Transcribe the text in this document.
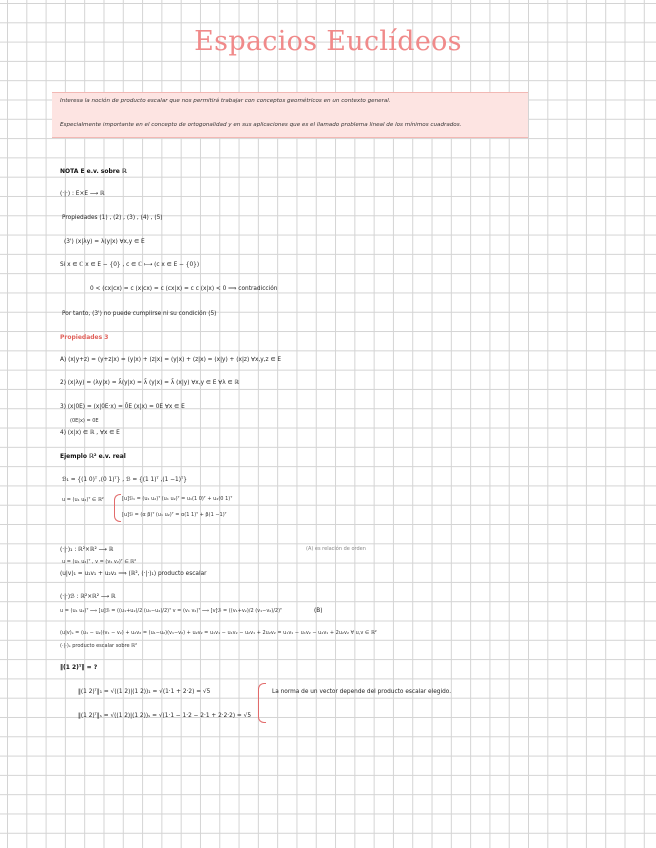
Espacios Euclídeos
Interesa la noción de producto escalar que nos permitirá trabajar con conceptos geométricos en un contexto general.
Especialmente importante en el concepto de ortogonalidad y en sus aplicaciones que es el llamado problema lineal de los mínimos cuadrados.
NOTA E e.v. sobre ℝ
(·|·) : E×E ⟶ ℝ
Propiedades (1) , (2) , (3) , (4) , (5)
(3') (x|λy) = λ(y|x) ∀x,y ∈ E
Si x ∈ ℂ x ∈ E − {0} , c ∈ ℂ ⟼ (c x ∈ E − {0})
0 < (cx|cx) = c (x|cx) = c (cx|x) = c c (x|x) < 0 ⟹ contradicción
Por tanto, (3') no puede cumplirse ni su condición (5)
Propiedades 3
A) (x|y+z) = (y+z|x) = (y|x) + (z|x) = (y|x) + (z|x) = (x|y) + (x|z) ∀x,y,z ∈ E
2) (x|λy) = (λy|x) = λ̄(y|x) = λ̄ (y|x) = λ̄ (x|y) ∀x,y ∈ E ∀λ ∈ ℝ
3) (x|0E) = (x|0E·x) = 0̄E (x|x) = 0E ∀x ∈ E
(0E|x) = 0E
4) (x|x) ∈ ℝ , ∀x ∈ E
Ejemplo ℝ² e.v. real
ℬ₁ = {(1 0)ᵀ ,(0 1)ᵀ} , ℬ = {(1 1)ᵀ ,(1 −1)ᵀ}
u = (u₁ u₂)ᵀ ∈ ℝ²	[u]ℬ₁ = (u₁ u₂)ᵀ (u₁ u₂)ᵀ = u₁(1 0)ᵀ + u₂(0 1)ᵀ
[u]ℬ = (α β)ᵀ (u₁ u₂)ᵀ = α(1 1)ᵀ + β(1 −1)ᵀ
(·|·)₁ : ℝ²×ℝ² ⟶ ℝ
u = (u₁ u₂)ᵀ , v = (v₁ v₂)ᵀ ∈ ℝ²
(u|v)₁ = u₁v₁ + u₂v₂ ⟹ (ℝ², (·|·)₁) producto escalar
(A) es relación de orden
(·|·)ℬ : ℝ²×ℝ² ⟶ ℝ
u = (u₁ u₂)ᵀ ⟹ [u]ℬ = ((u₁+u₂)/2 (u₁−u₂)/2)ᵀ v = (v₁ v₂)ᵀ ⟹ [v]ℬ = ((v₁+v₂)/2 (v₁−v₂)/2)ᵀ	(B)
(u|v)ₛ = (u₁ − u₂)(v₁ − v₂) + u₂v₂ = (u₁−u₂)(v₁−v₂) + u₂v₂ = u₁v₁ − u₁v₂ − u₂v₁ + 2u₂v₂ = u₁v₁ − u₁v₂ − u₂v₁ + 2u₂v₂ ∀ u,v ∈ ℝ²
(·|·)ₛ producto escalar sobre ℝ²
‖(1 2)ᵀ‖ = ?
‖(1 2)ᵀ‖₁ = √((1 2)|(1 2))₁ = √(1·1 + 2·2) = √5
‖(1 2)ᵀ‖ₛ = √((1 2)|(1 2))ₛ = √(1·1 − 1·2 − 2·1 + 2·2·2) = √5
La norma de un vector depende del producto escalar elegido.
